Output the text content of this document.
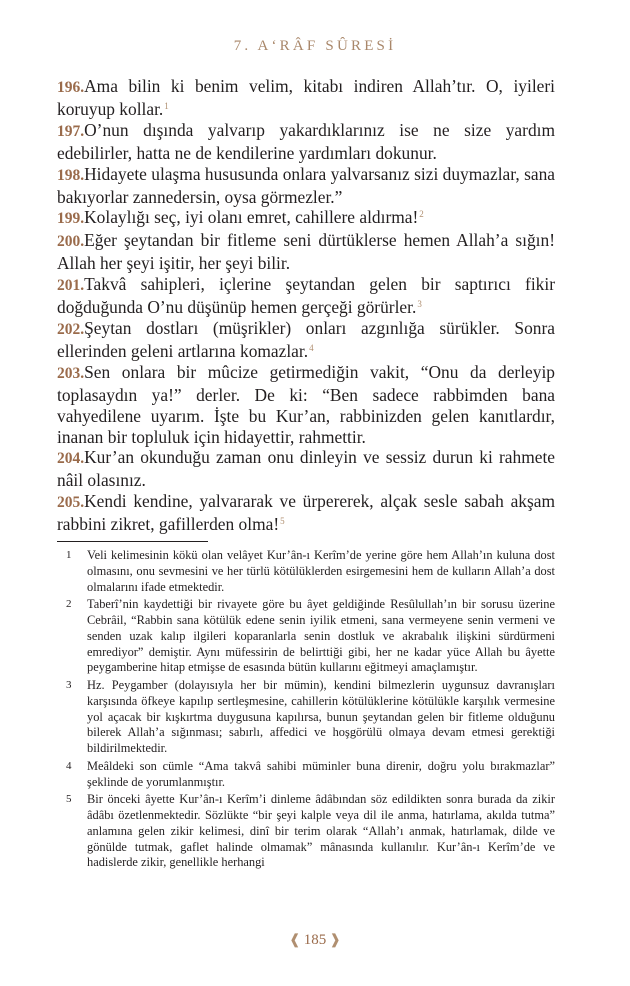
7. A‘RÂF SÛRESİ

196.Ama bilin ki benim velim, kitabı indiren Allah’tır. O, iyileri koruyup kollar.$^1$

197.O’nun dışında yalvarıp yakardıklarınız ise ne size yardım edebilirler, hatta ne de kendilerine yardımları dokunur.

198.Hidayete ulaşma hususunda onlara yalvarsanız sizi duymazlar, sana bakıyorlar zannedersin, oysa görmezler.”

199.Kolaylığı seç, iyi olanı emret, cahillere aldırma!$^2$

200.Eğer şeytandan bir fitleme seni dürtüklerse hemen Allah’a sığın! Allah her şeyi işitir, her şeyi bilir.

201.Takvâ sahipleri, içlerine şeytandan gelen bir saptırıcı fikir doğduğunda O’nu düşünüp hemen gerçeği görürler.$^3$

202.Şeytan dostları (müşrikler) onları azgınlığa sürükler. Sonra ellerinden geleni artlarına komazlar.$^4$

203.Sen onlara bir mûcize getirmediğin vakit, “Onu da derleyip toplasaydın ya!” derler. De ki: “Ben sadece rabbimden bana vahyedilene uyarım. İşte bu Kur’an, rabbinizden gelen kanıtlardır, inanan bir topluluk için hidayettir, rahmettir.

204.Kur’an okunduğu zaman onu dinleyin ve sessiz durun ki rahmete nâil olasınız.

205.Kendi kendine, yalvararak ve ürpererek, alçak sesle sabah akşam rabbini zikret, gafillerden olma!$^5$

1	Veli kelimesinin kökü olan velâyet Kur’ân-ı Kerîm’de yerine göre hem Allah’ın kuluna dost olmasını, onu sevmesini ve her türlü kötülüklerden esirgemesini hem de kulların Allah’a dost olmalarını ifade etmektedir.
2	Taberî’nin kaydettiği bir rivayete göre bu âyet geldiğinde Resûlullah’ın bir sorusu üzerine Cebrâil, “Rabbin sana kötülük edene senin iyilik etmeni, sana vermeyene senin vermeni ve senden uzak kalıp ilgileri koparanlarla senin dostluk ve akrabalık ilişkini sürdürmeni emrediyor” demiştir. Aynı müfessirin de belirttiği gibi, her ne kadar yüce Allah bu âyette peygamberine hitap etmişse de esasında bütün kullarını eğitmeyi amaçlamıştır.
3	Hz. Peygamber (dolayısıyla her bir mümin), kendini bilmezlerin uygunsuz davranışları karşısında öfkeye kapılıp sertleşmesine, cahillerin kötülüklerine kötülükle karşılık vermesine yol açacak bir kışkırtma duygusuna kapılırsa, bunun şeytandan gelen bir fitleme olduğunu bilerek Allah’a sığınması; sabırlı, affedici ve hoşgörülü olmaya devam etmesi gerektiği bildirilmektedir.
4	Meâldeki son cümle “Ama takvâ sahibi müminler buna direnir, doğru yolu bırakmazlar” şeklinde de yorumlanmıştır.
5	Bir önceki âyette Kur’ân-ı Kerîm’i dinleme âdâbından söz edildikten sonra burada da zikir âdâbı özetlenmektedir. Sözlükte “bir şeyi kalple veya dil ile anma, hatırlama, akılda tutma” anlamına gelen zikir kelimesi, dinî bir terim olarak “Allah’ı anmak, hatırlamak, dilde ve gönülde tutmak, gaflet halinde olmamak” mânasında kullanılır. Kur’ân-ı Kerîm’de ve hadislerde zikir, genellikle herhangi
❰ 185 ❱
